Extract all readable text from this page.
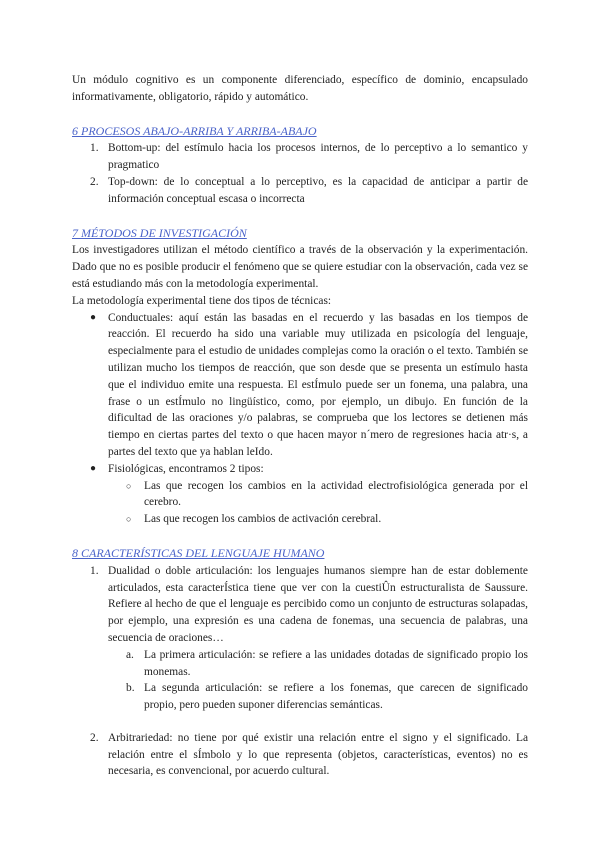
Un módulo cognitivo es un componente diferenciado, específico de dominio, encapsulado informativamente, obligatorio, rápido y automático.

6 PROCESOS ABAJO-ARRIBA Y ARRIBA-ABAJO
1. Bottom-up: del estímulo hacia los procesos internos, de lo perceptivo a lo semantico y pragmatico
2. Top-down: de lo conceptual a lo perceptivo, es la capacidad de anticipar a partir de información conceptual escasa o incorrecta
7 MÉTODOS DE INVESTIGACIÓN

Los investigadores utilizan el método científico a través de la observación y la experimentación. Dado que no es posible producir el fenómeno que se quiere estudiar con la observación, cada vez se está estudiando más con la metodología experimental.

La metodología experimental tiene dos tipos de técnicas:

● Conductuales: aquí están las basadas en el recuerdo y las basadas en los tiempos de reacción. El recuerdo ha sido una variable muy utilizada en psicología del lenguaje, especialmente para el estudio de unidades complejas como la oración o el texto. También se utilizan mucho los tiempos de reacción, que son desde que se presenta un estímulo hasta que el individuo emite una respuesta. El estÍmulo puede ser un fonema, una palabra, una frase o un estÍmulo no lingüístico, como, por ejemplo, un dibujo. En función de la dificultad de las oraciones y/o palabras, se comprueba que los lectores se detienen más tiempo en ciertas partes del texto o que hacen mayor n´mero de regresiones hacia atr·s, a partes del texto que ya hablan leIdo.
● Fisiológicas, encontramos 2 tipos:
○ Las que recogen los cambios en la actividad electrofisiológica generada por el cerebro.
○ Las que recogen los cambios de activación cerebral.
8 CARACTERÍSTICAS DEL LENGUAJE HUMANO
1. Dualidad o doble articulación: los lenguajes humanos siempre han de estar doblemente articulados, esta caracterÍstica tiene que ver con la cuestiÛn estructuralista de Saussure. Refiere al hecho de que el lenguaje es percibido como un conjunto de estructuras solapadas, por ejemplo, una expresión es una cadena de fonemas, una secuencia de palabras, una secuencia de oraciones…
a. La primera articulación: se refiere a las unidades dotadas de significado propio los monemas.
b. La segunda articulación: se refiere a los fonemas, que carecen de significado propio, pero pueden suponer diferencias semánticas.
2. Arbitrariedad: no tiene por qué existir una relación entre el signo y el significado. La relación entre el sÍmbolo y lo que representa (objetos, características, eventos) no es necesaria, es convencional, por acuerdo cultural.
